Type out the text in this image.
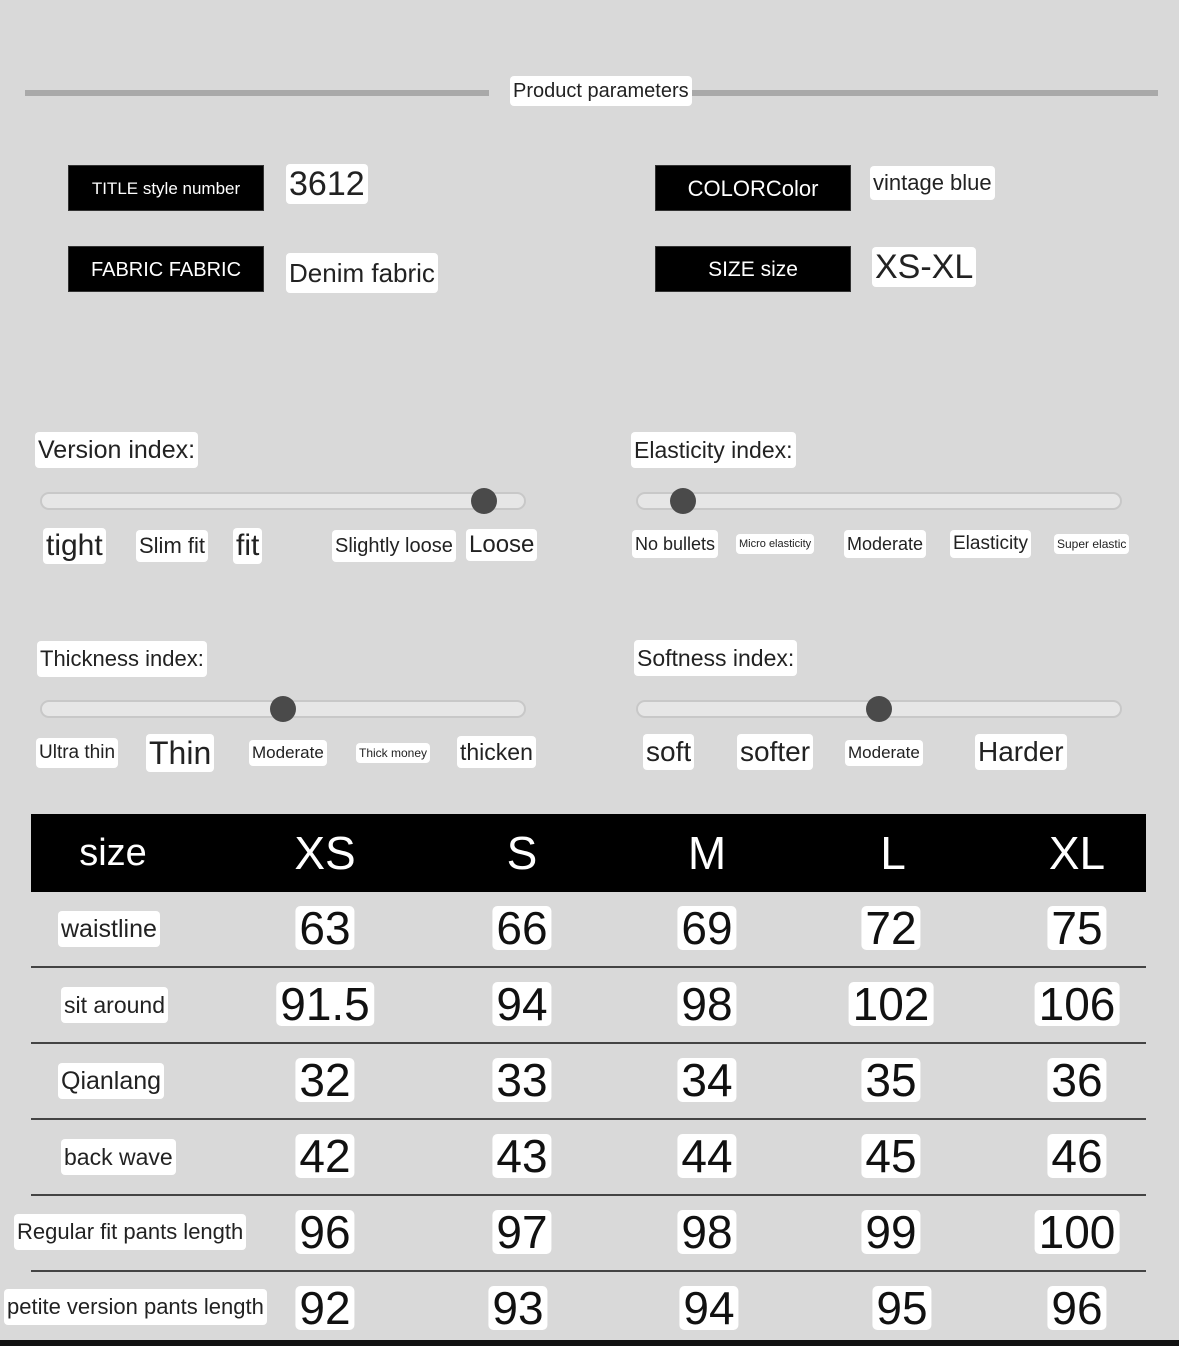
Product parameters
TITLE style number	3612	COLORColor	vintage blue
FABRIC FABRIC	Denim fabric	SIZE size	XS-XL
Version index:
tight Slim fit fit	Slightly loose Loose
Elasticity index:
No bullets Micro elasticity Moderate Elasticity Super elastic
Thickness index:
Ultra thin Thin Moderate	Thick money thicken
Softness index:
soft softer Moderate Harder
size	XS	S	M	L	XL
waistline	63	66	69	72	75
sit around	91.5	94	98	102 106
Qianlang	32	33	34	35	36
back wave	42	43	44	45	46
Regular fit pants length 96	97	98	99	100
petite version pants length 92	93	94	95	96
